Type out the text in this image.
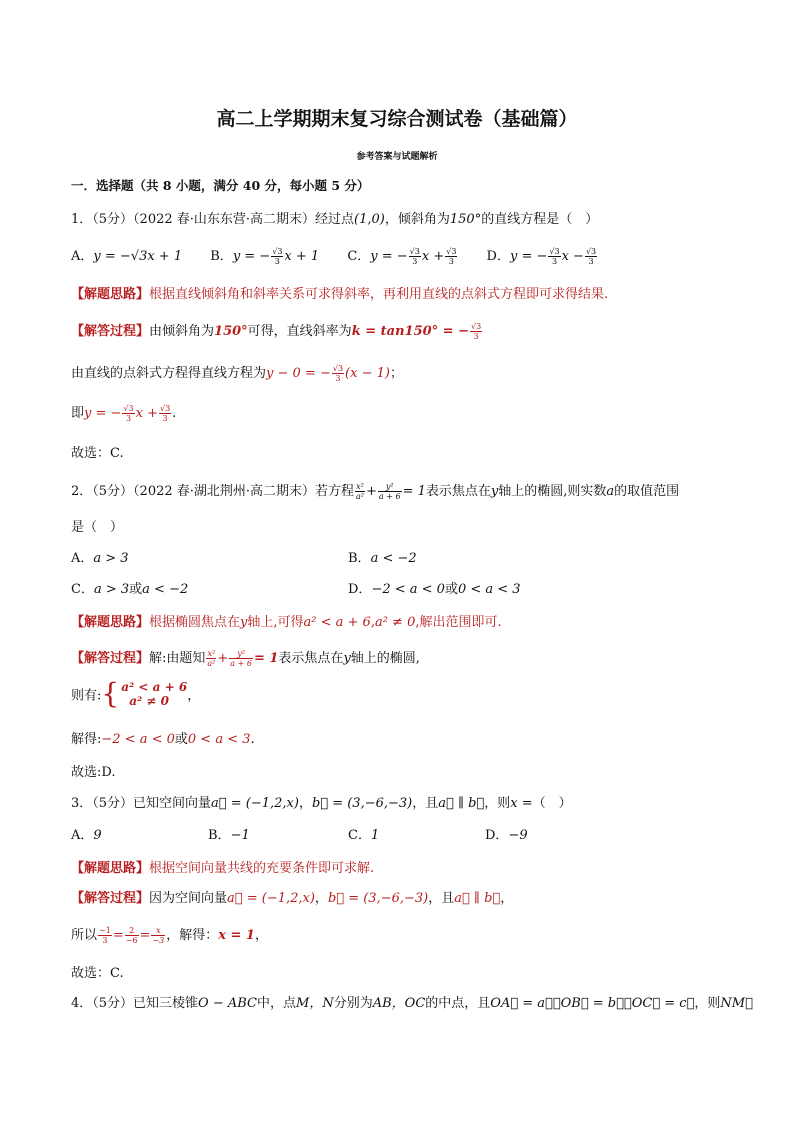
高二上学期期末复习综合测试卷（基础篇）
参考答案与试题解析
一．选择题（共 8 小题，满分 40 分，每小题 5 分）
1．（5分）（2022 春·山东东营·高二期末）经过点(1,0)，倾斜角为150°的直线方程是（　）
A．y = −√3x + 1 B．y = − $\frac{√3}{3}$ x + 1 C．y = − $\frac{√3}{3}$ $x + \frac{√3}{3}$ D．y = − $\frac{√3}{3}$ $x - \frac{√3}{3}$
【解题思路】根据直线倾斜角和斜率关系可求得斜率，再利用直线的点斜式方程即可求得结果.
【解答过程】由倾斜角为150°可得，直线斜率为k = tan150° = − $\frac{√3}{3}$
由直线的点斜式方程得直线方程为y − 0 = − $\frac{√3}{3} (x - 1)$；
即y = − $\frac{√3}{3}$ $x + \frac{√3}{3}$ .
故选：C.
2．（5分）（2022 春·湖北荆州·高二期末）若方程 $\frac{\text{x²}}{\text{a²}} + \frac{\text{y²}}{a + 6} = 1$表示焦点在y轴上的椭圆,则实数a的取值范围
是（　）
A．a > 3	B．a < −2
C．a > 3或a < −2	D．−2 < a < 0或0 < a < 3
【解题思路】根据椭圆焦点在y轴上,可得a² < a + 6,a² ≠ 0,解出范围即可.
【解答过程】解:由题知 $\frac{\text{x²}}{\text{a²}} + \frac{\text{y²}}{a + 6} = 1$表示焦点在y轴上的椭圆,
则有:{ a² < a + 6
a² ≠ 0	，
解得:−2 < a < 0或0 < a < 3.
故选:D.
3．（5分）已知空间向量a⃗ = (−1,2,x)，b⃗ = (3,−6,−3)，且a⃗ ∥ b⃗，则x =（　）
A．9	B．−1	C．1	D．−9
【解题思路】根据空间向量共线的充要条件即可求解.
【解答过程】因为空间向量a⃗ = (−1,2,x)，b⃗ = (3,−6,−3)，且a⃗ ∥ b⃗，
所以 $\frac{-1}{3} = \frac{2}{-6} = \frac{x}{-3}$ ，解得：x = 1，
故选：C.
4．（5分）已知三棱锥O − ABC中，点M，N分别为AB，OC的中点，且OA⃗ = a⃗，OB⃗ = b⃗，OC⃗ = c⃗，则NM⃗
